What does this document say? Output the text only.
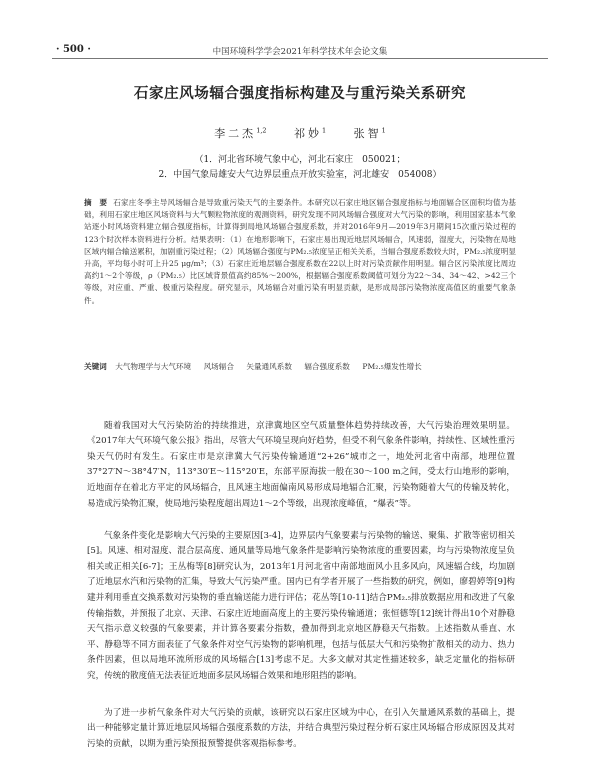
· 500 ·	中国环境科学学会2021年科学技术年会论文集
石家庄风场辐合强度指标构建及与重污染关系研究
李二杰$^{1,2}$	祁妙$^1$	张智$^1$
（1．河北省环境气象中心，河北石家庄　050021；
2．中国气象局雄安大气边界层重点开放实验室，河北雄安　054008）
摘　要 石家庄冬季主导风场辐合是导致重污染天气的主要条件。本研究以石家庄地区辐合强度指标与地面辐合区面积均值为基础，利用石家庄地区风场资料与大气颗粒物浓度的观测资料，研究发现不同风场辐合强度对大气污染的影响，利用国家基本气象站逐小时风场资料建立辐合强度指标，计算得到局地风场辐合强度系数，并对2016年9月—2019年3月期间15次重污染过程的123个时次样本资料进行分析。结果表明：（1）在地形影响下，石家庄易出现近地层风场辐合，风速弱，湿度大，污染物在局地区域内辐合输送累积，加剧重污染过程；（2）风场辐合强度与PM₂.₅浓度呈正相关关系，当辐合强度系数较大时，PM₂.₅浓度明显升高，平均每小时可上升25 μg/m³；（3）石家庄近地层辐合强度系数在22以上时对污染贡献作用明显。辐合区污染浓度比周边高约1～2个等级，ρ（PM₂.₅）比区域背景值高约85%～200%，根据辐合强度系数阈值可划分为22～34、34～42、>42三个等级，对应重、严重、极重污染程度。研究显示，风场辐合对重污染有明显贡献，是形成局部污染物浓度高值区的重要气象条件。
关键词 大气物理学与大气环境 风场辐合 矢量通风系数 辐合强度系数 PM₂.₅爆发性增长

随着我国对大气污染防治的持续推进，京津冀地区空气质量整体趋势持续改善，大气污染治理效果明显。《2017年大气环境气象公报》指出，尽管大气环境呈现向好趋势，但受不利气象条件影响，持续性、区域性重污染天气仍时有发生。石家庄市是京津冀大气污染传输通道“2+26”城市之一，地处河北省中南部，地理位置37°27′N～38°47′N，113°30′E～115°20′E，东部平原海拔一般在30～100 m之间，受太行山地形的影响，近地面存在着北方平定的风场辐合，且风速主地面偏南风易形成局地辐合汇聚，污染物随着大气的传输及转化，易造成污染物汇聚，使局地污染程度超出周边1～2个等级，出现浓度峰值，“爆表”等。

气象条件变化是影响大气污染的主要原因[3-4]，边界层内气象要素与污染物的输送、聚集、扩散等密切相关[5]。风速、相对湿度、混合层高度、通风量等局地气象条件是影响污染物浓度的重要因素，均与污染物浓度呈负相关或正相关[6-7]；王丛梅等[8]研究认为，2013年1月河北省中南部地面风小且多风向，风速辐合线，均加剧了近地层水汽和污染物的汇集，导致大气污染严重。国内已有学者开展了一些指数的研究，例如，廖碧婷等[9]构建并利用垂直交换系数对污染物的垂直输送能力进行评估；花丛等[10-11]结合PM₂.₅排放数据应用和改进了气象传输指数，并预报了北京、天津、石家庄近地面高度上的主要污染传输通道；张恒德等[12]统计得出10个对静稳天气指示意义较强的气象要素，并计算各要素分指数，叠加得到北京地区静稳天气指数。上述指数从垂直、水平、静稳等不同方面表征了气象条件对空气污染物的影响机理，包括与低层大气和污染物扩散相关的动力、热力条件因素，但以局地环流所形成的风场辐合[13]考虑不足。大多文献对其定性描述较多，缺乏定量化的指标研究，传统的散度值无法表征近地面多层风场辐合效果和地形阻挡的影响。

为了进一步析气象条件对大气污染的贡献，该研究以石家庄区域为中心，在引入矢量通风系数的基础上，提出一种能够定量计算近地层风场辐合强度系数的方法，并结合典型污染过程分析石家庄风场辐合形成原因及其对污染的贡献，以期为重污染预报预警提供客观指标参考。
